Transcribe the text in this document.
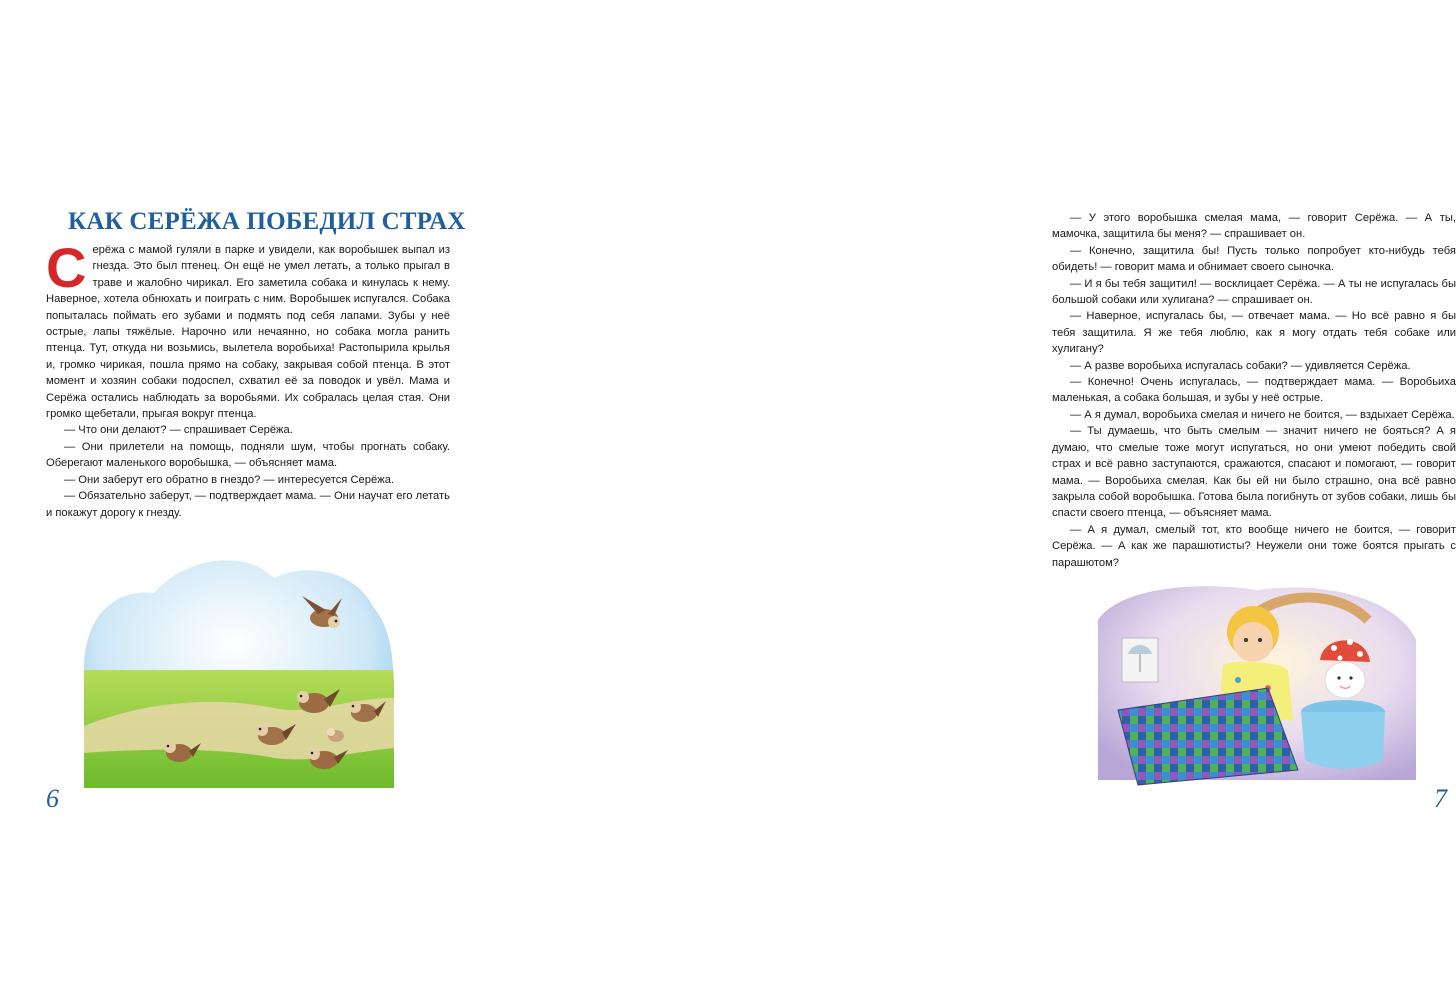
КАК СЕРЁЖА ПОБЕДИЛ СТРАХ

Серёжа с мамой гуляли в парке и увидели, как воробышек выпал из гнезда. Это был птенец. Он ещё не умел летать, а только прыгал в траве и жалобно чирикал. Его заметила собака и кинулась к нему. Наверное, хотела обнюхать и поиграть с ним. Воробышек испугался. Собака попыталась поймать его зубами и подмять под себя лапами. Зубы у неё острые, лапы тяжёлые. Нарочно или нечаянно, но собака могла ранить птенца. Тут, откуда ни возьмись, вылетела воробьиха! Растопырила крылья и, громко чирикая, пошла прямо на собаку, закрывая собой птенца. В этот момент и хозяин собаки подоспел, схватил её за поводок и увёл. Мама и Серёжа остались наблюдать за воробьями. Их собралась целая стая. Они громко щебетали, прыгая вокруг птенца.

— Что они делают? — спрашивает Серёжа.

— Они прилетели на помощь, подняли шум, чтобы прогнать собаку. Оберегают маленького воробышка, — объясняет мама.

— Они заберут его обратно в гнездо? — интересуется Серёжа.

— Обязательно заберут, — подтверждает мама. — Они научат его летать и покажут дорогу к гнезду.

6

— У этого воробышка смелая мама, — говорит Серёжа. — А ты, мамочка, защитила бы меня? — спрашивает он.

— Конечно, защитила бы! Пусть только попробует кто-нибудь тебя обидеть! — говорит мама и обнимает своего сыночка.

— И я бы тебя защитил! — восклицает Серёжа. — А ты не испугалась бы большой собаки или хулигана? — спрашивает он.

— Наверное, испугалась бы, — отвечает мама. — Но всё равно я бы тебя защитила. Я же тебя люблю, как я могу отдать тебя собаке или хулигану?

— А разве воробьиха испугалась собаки? — удивляется Серёжа.

— Конечно! Очень испугалась, — подтверждает мама. — Воробьиха маленькая, а собака большая, и зубы у неё острые.

— А я думал, воробьиха смелая и ничего не боится, — вздыхает Серёжа.

— Ты думаешь, что быть смелым — значит ничего не бояться? А я думаю, что смелые тоже могут испугаться, но они умеют победить свой страх и всё равно заступаются, сражаются, спасают и помогают, — говорит мама. — Воробьиха смелая. Как бы ей ни было страшно, она всё равно закрыла собой воробышка. Готова была погибнуть от зубов собаки, лишь бы спасти своего птенца, — объясняет мама.

— А я думал, смелый тот, кто вообще ничего не боится, — говорит Серёжа. — А как же парашютисты? Неужели они тоже боятся прыгать с парашютом?

7
